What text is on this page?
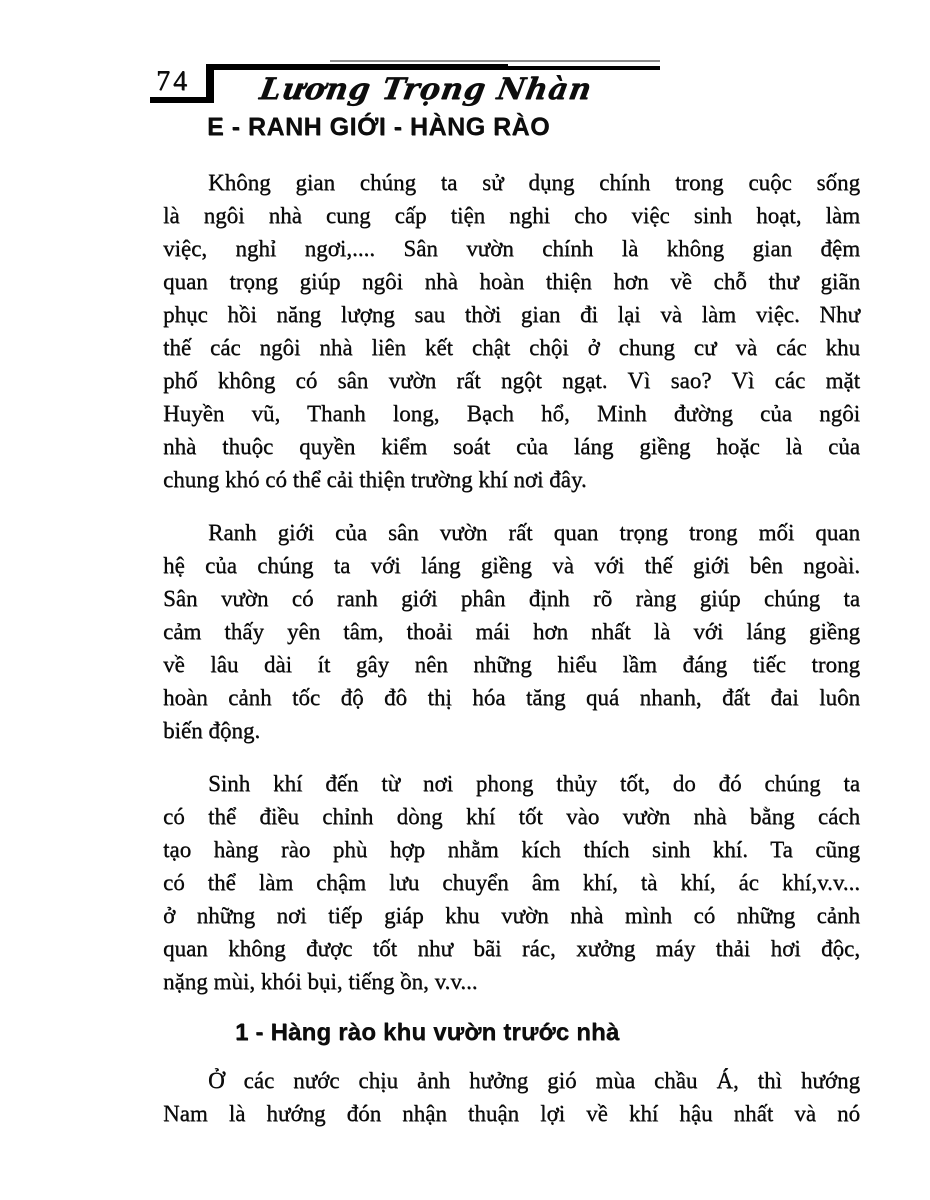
74 Lương Trọng Nhàn
E - RANH GIỚI - HÀNG RÀO
Không gian chúng ta sử dụng chính trong cuộc sống
là ngôi nhà cung cấp tiện nghi cho việc sinh hoạt, làm
việc, nghỉ ngơi,.... Sân vườn chính là không gian đệm
quan trọng giúp ngôi nhà hoàn thiện hơn về chỗ thư giãn
phục hồi năng lượng sau thời gian đi lại và làm việc. Như
thế các ngôi nhà liên kết chật chội ở chung cư và các khu
phố không có sân vườn rất ngột ngạt. Vì sao? Vì các mặt
Huyền vũ, Thanh long, Bạch hổ, Minh đường của ngôi
nhà thuộc quyền kiểm soát của láng giềng hoặc là của
chung khó có thể cải thiện trường khí nơi đây.
Ranh giới của sân vườn rất quan trọng trong mối quan
hệ của chúng ta với láng giềng và với thế giới bên ngoài.
Sân vườn có ranh giới phân định rõ ràng giúp chúng ta
cảm thấy yên tâm, thoải mái hơn nhất là với láng giềng
về lâu dài ít gây nên những hiểu lầm đáng tiếc trong
hoàn cảnh tốc độ đô thị hóa tăng quá nhanh, đất đai luôn
biến động.
Sinh khí đến từ nơi phong thủy tốt, do đó chúng ta
có thể điều chỉnh dòng khí tốt vào vườn nhà bằng cách
tạo hàng rào phù hợp nhằm kích thích sinh khí. Ta cũng
có thể làm chậm lưu chuyển âm khí, tà khí, ác khí,v.v...
ở những nơi tiếp giáp khu vườn nhà mình có những cảnh
quan không được tốt như bãi rác, xưởng máy thải hơi độc,
nặng mùi, khói bụi, tiếng ồn, v.v...
1 - Hàng rào khu vườn trước nhà
Ở các nước chịu ảnh hưởng gió mùa chầu Á, thì hướng
Nam là hướng đón nhận thuận lợi về khí hậu nhất và nó
